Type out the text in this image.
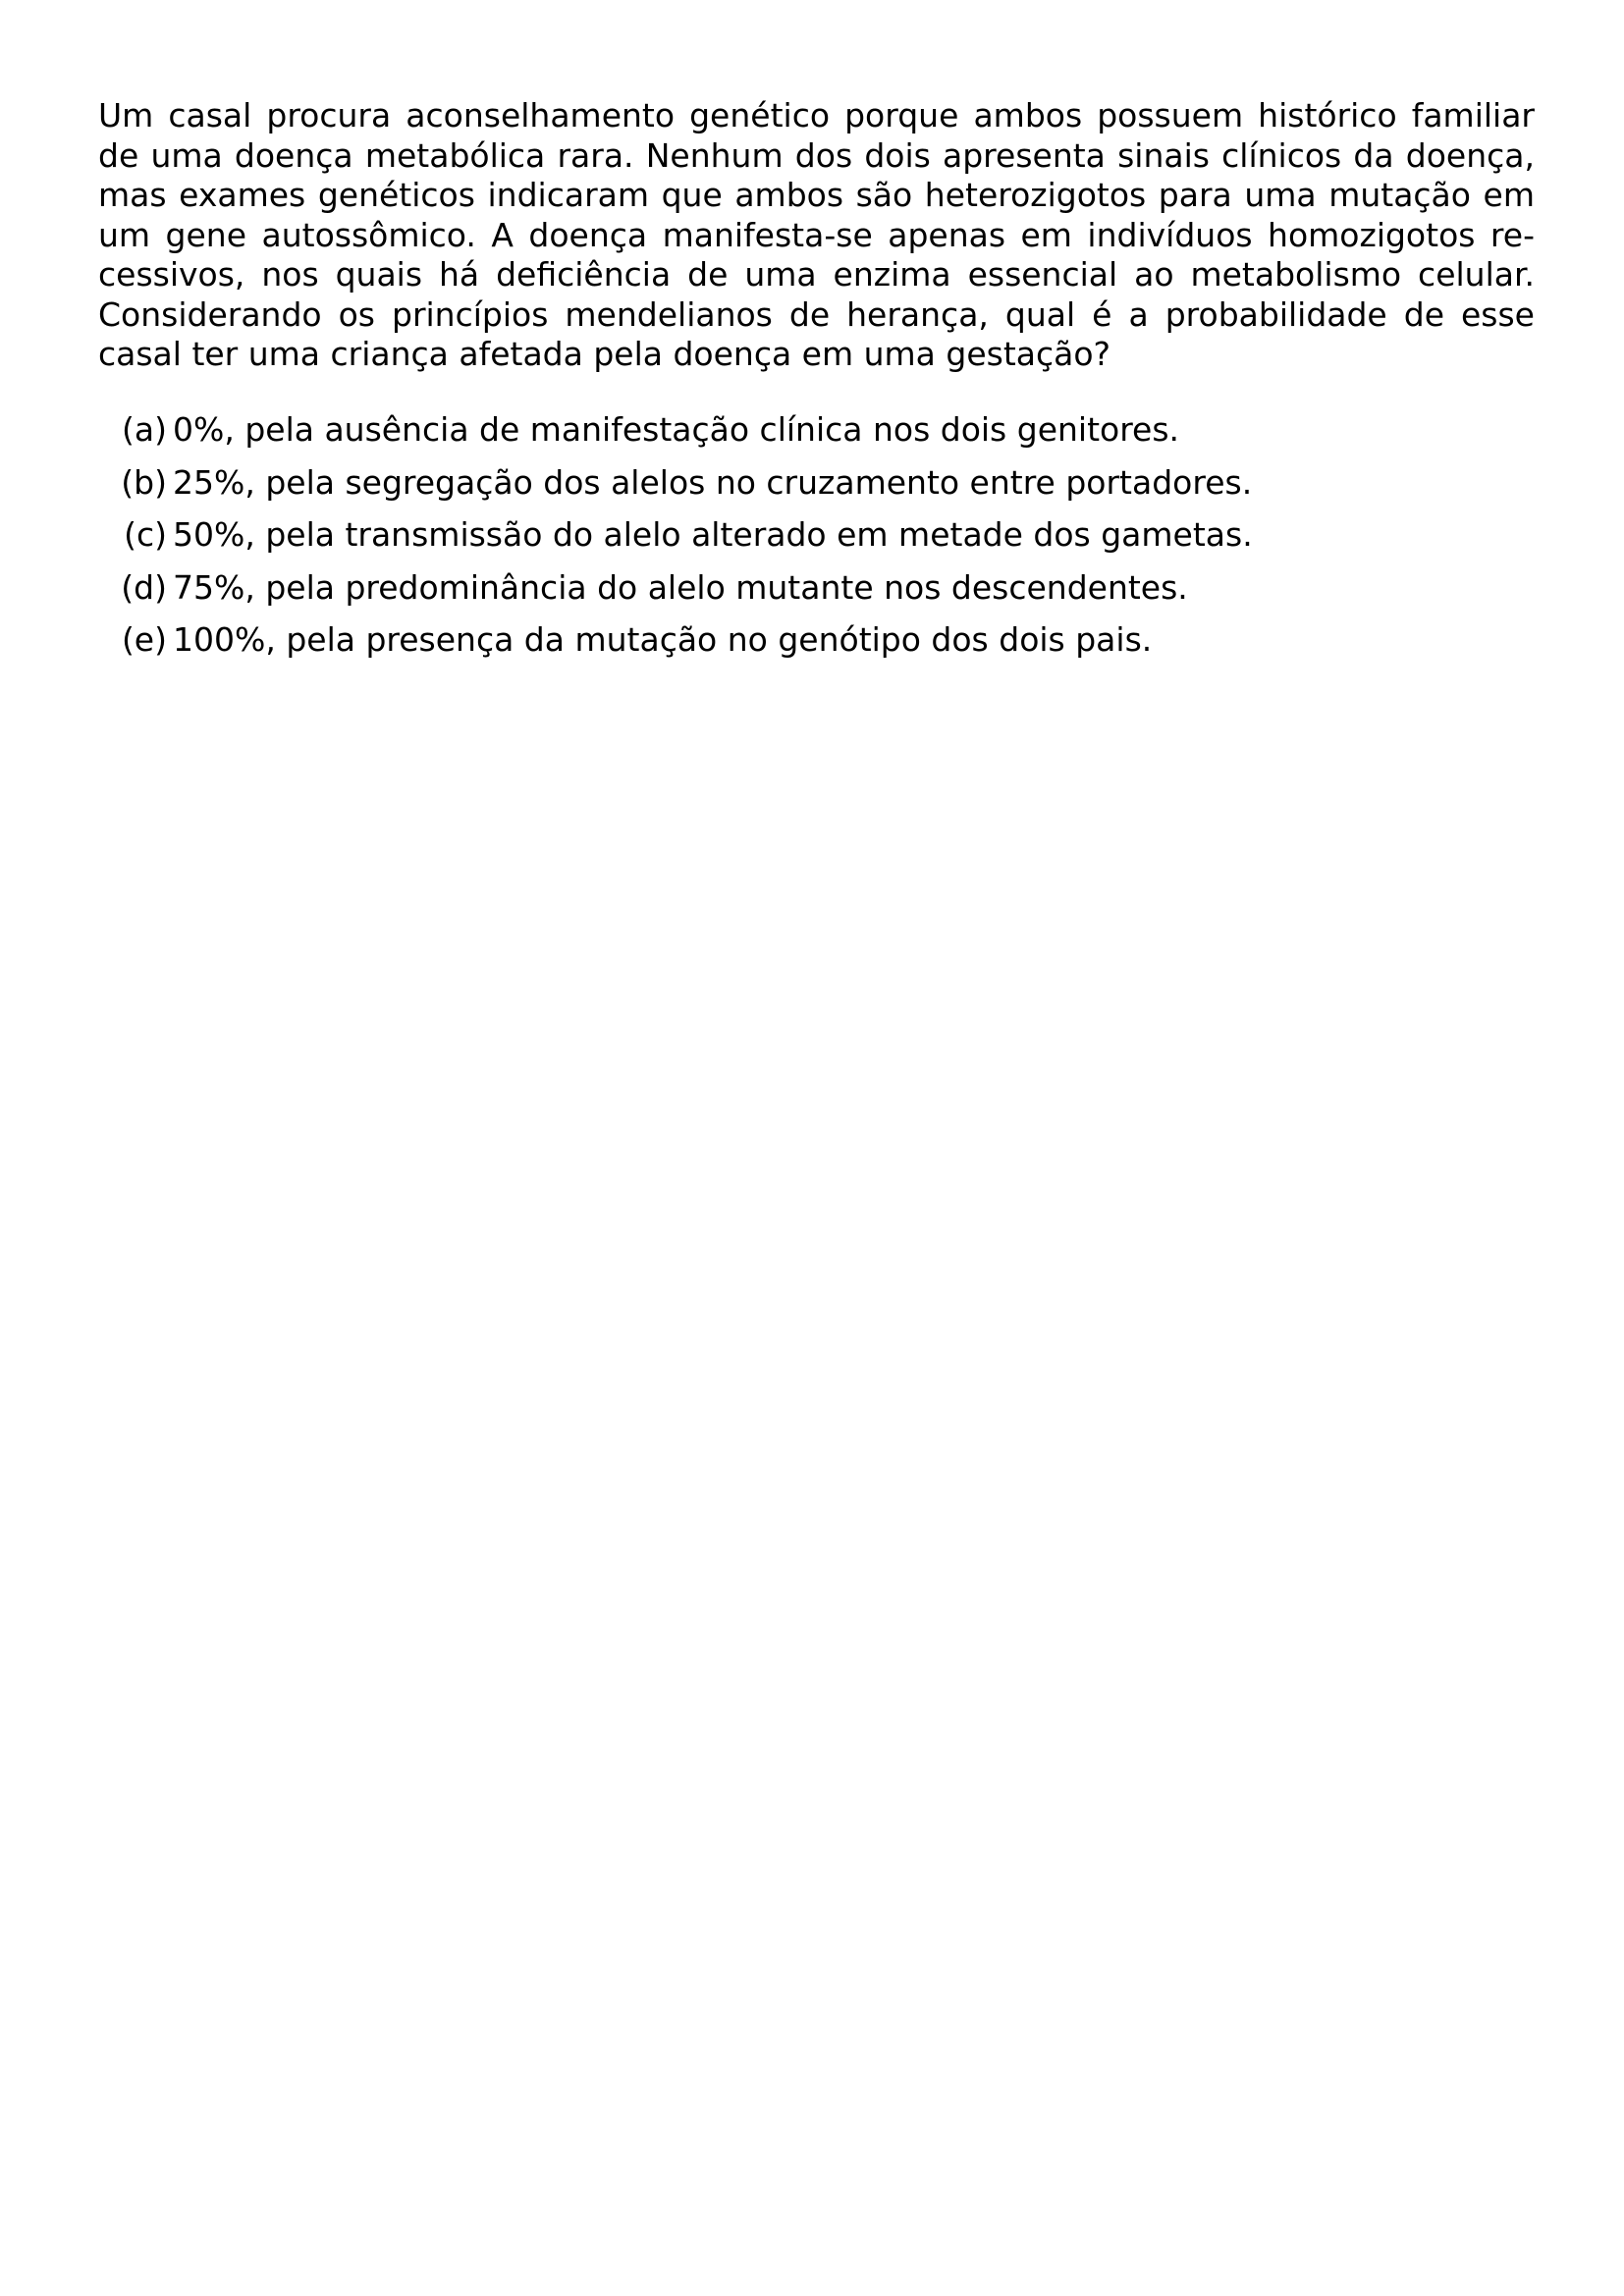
Um casal procura aconselhamento genético porque ambos possuem histórico familiar de uma doença metabólica rara. Nenhum dos dois apresenta sinais clínicos da doença, mas exames genéticos indicaram que ambos são heterozigotos para uma mutação em um gene autossômico. A doença manifesta-se apenas em indivíduos homozigotos recessivos, nos quais há deficiência de uma enzima essencial ao metabolismo celular. Considerando os princípios mendelianos de herança, qual é a probabilidade de esse casal ter uma criança afetada pela doença em uma gestação?

(a) 0%, pela ausência de manifestação clínica nos dois genitores.
(b) 25%, pela segregação dos alelos no cruzamento entre portadores.
(c) 50%, pela transmissão do alelo alterado em metade dos gametas.
(d) 75%, pela predominância do alelo mutante nos descendentes.
(e) 100%, pela presença da mutação no genótipo dos dois pais.
